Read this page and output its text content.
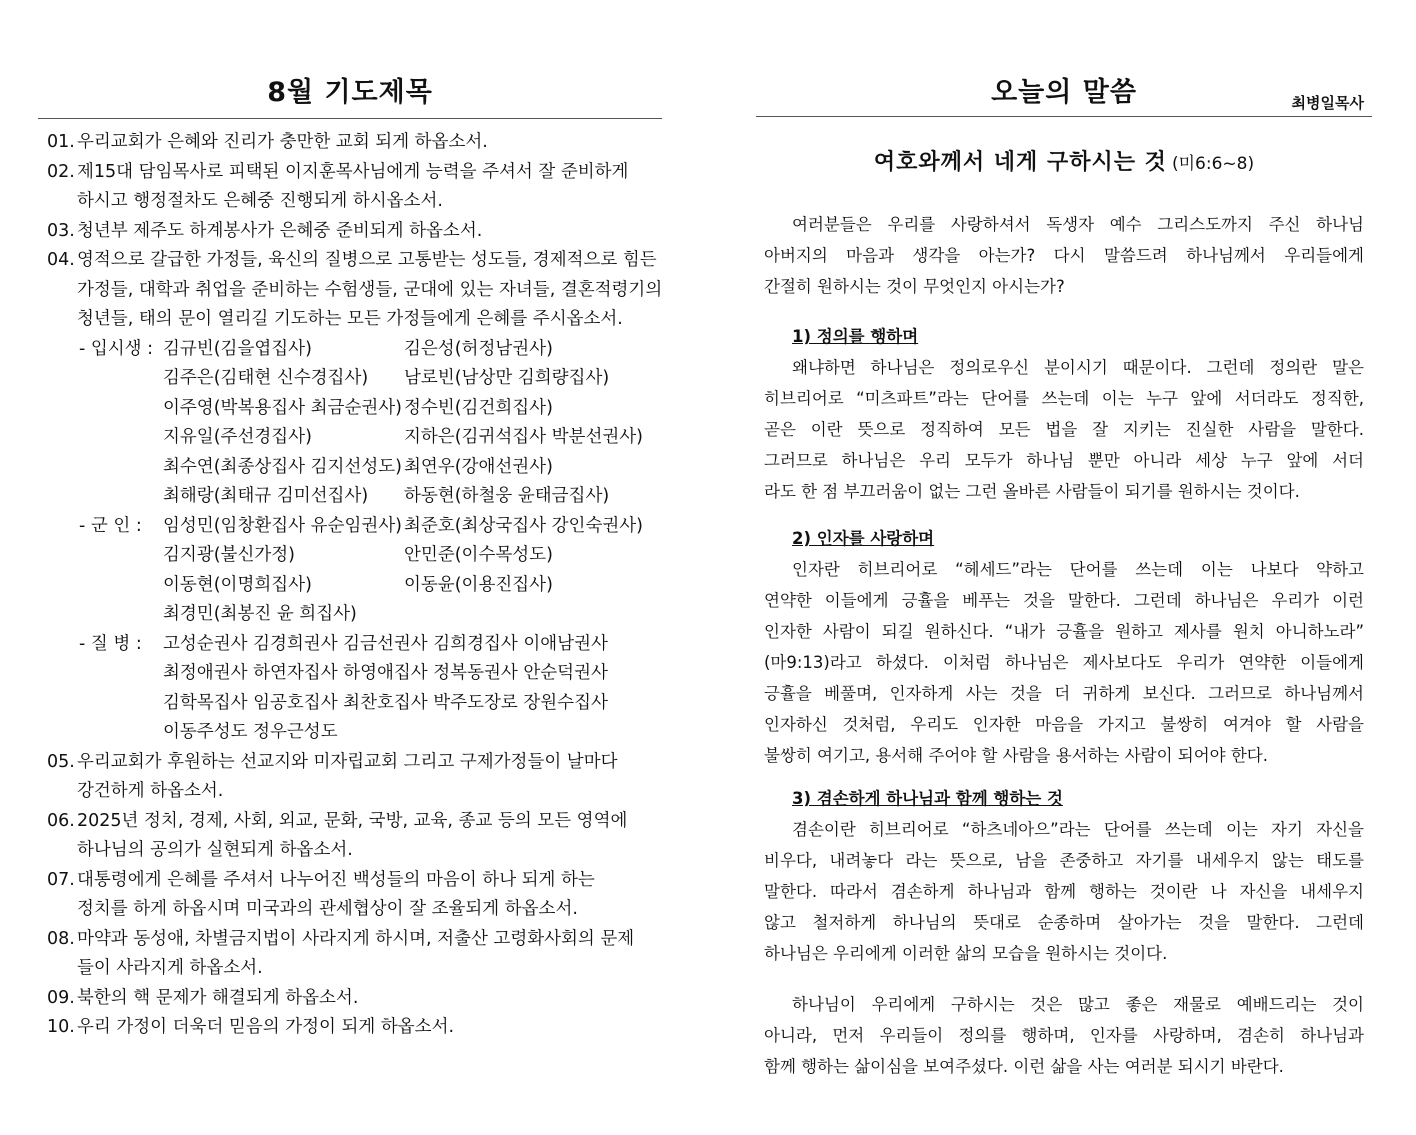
8월 기도제목
01. 우리교회가 은혜와 진리가 충만한 교회 되게 하옵소서.
02. 제15대 담임목사로 피택된 이지훈목사님에게 능력을 주셔서 잘 준비하게
하시고 행정절차도 은혜중 진행되게 하시옵소서.
03. 청년부 제주도 하계봉사가 은혜중 준비되게 하옵소서.
04. 영적으로 갈급한 가정들, 육신의 질병으로 고통받는 성도들, 경제적으로 힘든
가정들, 대학과 취업을 준비하는 수험생들, 군대에 있는 자녀들, 결혼적령기의
청년들, 태의 문이 열리길 기도하는 모든 가정들에게 은혜를 주시옵소서.
- 입시생 : 김규빈(김을엽집사)	김은성(허정남권사)
김주은(김태현 신수경집사)	남로빈(남상만 김희량집사)
이주영(박복용집사 최금순권사) 정수빈(김건희집사)
지유일(주선경집사)	지하은(김귀석집사 박분선권사)
최수연(최종상집사 김지선성도) 최연우(강애선권사)
최해랑(최태규 김미선집사)	하동현(하철웅 윤태금집사)
- 군 인 :	임성민(임창환집사 유순임권사) 최준호(최상국집사 강인숙권사)
김지광(불신가정)	안민준(이수목성도)
이동현(이명희집사)	이동윤(이용진집사)
최경민(최봉진 윤 희집사)
- 질 병 :	고성순권사 김경희권사 김금선권사 김희경집사 이애남권사
최정애권사 하연자집사 하영애집사 정복동권사 안순덕권사
김학목집사 임공호집사 최찬호집사 박주도장로 장원수집사
이동주성도 정우근성도
05. 우리교회가 후원하는 선교지와 미자립교회 그리고 구제가정들이 날마다
강건하게 하옵소서.
06. 2025년 정치, 경제, 사회, 외교, 문화, 국방, 교육, 종교 등의 모든 영역에
하나님의 공의가 실현되게 하옵소서.
07. 대통령에게 은혜를 주셔서 나누어진 백성들의 마음이 하나 되게 하는
정치를 하게 하옵시며 미국과의 관세협상이 잘 조율되게 하옵소서.
08. 마약과 동성애, 차별금지법이 사라지게 하시며, 저출산 고령화사회의 문제
들이 사라지게 하옵소서.
09. 북한의 핵 문제가 해결되게 하옵소서.
10. 우리 가정이 더욱더 믿음의 가정이 되게 하옵소서.
오늘의 말씀	최병일목사
여호와께서 네게 구하시는 것 (미6:6~8)
여러분들은 우리를 사랑하셔서 독생자 예수 그리스도까지 주신 하나님
아버지의 마음과 생각을 아는가? 다시 말씀드려 하나님께서 우리들에게
간절히 원하시는 것이 무엇인지 아시는가?
1) 정의를 행하며
왜냐하면 하나님은 정의로우신 분이시기 때문이다. 그런데 정의란 말은
히브리어로 “미츠파트”라는 단어를 쓰는데 이는 누구 앞에 서더라도 정직한,
곧은 이란 뜻으로 정직하여 모든 법을 잘 지키는 진실한 사람을 말한다.
그러므로 하나님은 우리 모두가 하나님 뿐만 아니라 세상 누구 앞에 서더
라도 한 점 부끄러움이 없는 그런 올바른 사람들이 되기를 원하시는 것이다.
2) 인자를 사랑하며
인자란 히브리어로 “헤세드”라는 단어를 쓰는데 이는 나보다 약하고
연약한 이들에게 긍휼을 베푸는 것을 말한다. 그런데 하나님은 우리가 이런
인자한 사람이 되길 원하신다. “내가 긍휼을 원하고 제사를 원치 아니하노라”
(마9:13)라고 하셨다. 이처럼 하나님은 제사보다도 우리가 연약한 이들에게
긍휼을 베풀며, 인자하게 사는 것을 더 귀하게 보신다. 그러므로 하나님께서
인자하신 것처럼, 우리도 인자한 마음을 가지고 불쌍히 여겨야 할 사람을
불쌍히 여기고, 용서해 주어야 할 사람을 용서하는 사람이 되어야 한다.
3) 겸손하게 하나님과 함께 행하는 것
겸손이란 히브리어로 “하츠네아으”라는 단어를 쓰는데 이는 자기 자신을
비우다, 내려놓다 라는 뜻으로, 남을 존중하고 자기를 내세우지 않는 태도를
말한다. 따라서 겸손하게 하나님과 함께 행하는 것이란 나 자신을 내세우지
않고 철저하게 하나님의 뜻대로 순종하며 살아가는 것을 말한다. 그런데
하나님은 우리에게 이러한 삶의 모습을 원하시는 것이다.
하나님이 우리에게 구하시는 것은 많고 좋은 재물로 예배드리는 것이
아니라, 먼저 우리들이 정의를 행하며, 인자를 사랑하며, 겸손히 하나님과
함께 행하는 삶이심을 보여주셨다. 이런 삶을 사는 여러분 되시기 바란다.
